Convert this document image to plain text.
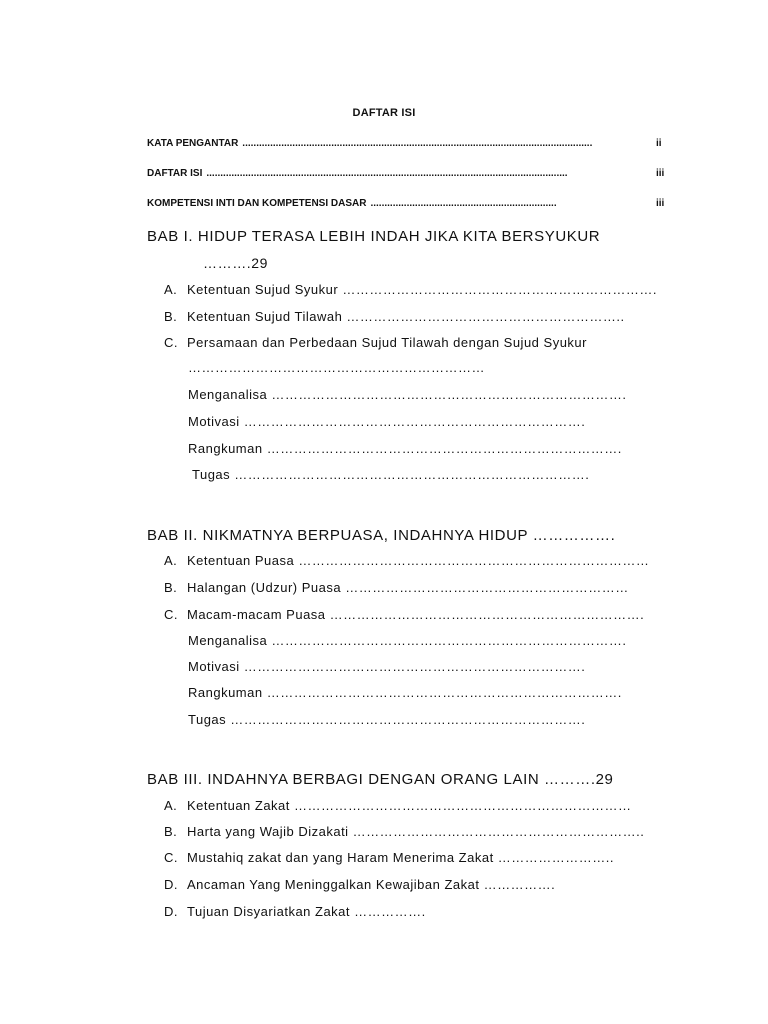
DAFTAR ISI
KATA PENGANTAR ..............................................................................................................................	ii
DAFTAR ISI ..................................................................................................................................	iii
KOMPETENSI INTI DAN KOMPETENSI DASAR ...................................................................	iii
BAB I. HIDUP TERASA LEBIH INDAH JIKA KITA BERSYUKUR
……….29
A. Ketentuan Sujud Syukur …………………………………………………………….
B. Ketentuan Sujud Tilawah ……………………………………………………..
C. Persamaan dan Perbedaan Sujud Tilawah dengan Sujud Syukur
…………………………………………………………
Menganalisa …………………………………………………………………….
Motivasi ………………………………………………………………….
Rangkuman …………………………………………………………………….
Tugas …………………………………………………………………….
BAB II. NIKMATNYA BERPUASA, INDAHNYA HIDUP …………….
A. Ketentuan Puasa ……………………………………………………………………
B. Halangan (Udzur) Puasa ………………………………………………………
C. Macam-macam Puasa …………………………………………………………….
Menganalisa …………………………………………………………………….
Motivasi ………………………………………………………………….
Rangkuman …………………………………………………………………….
Tugas …………………………………………………………………….
BAB III. INDAHNYA BERBAGI DENGAN ORANG LAIN ……….29
A. Ketentuan Zakat …………………………………………………………………
B. Harta yang Wajib Dizakati ………………………………………………………..
C. Mustahiq zakat dan yang Haram Menerima Zakat ……………………..
D. Ancaman Yang Meninggalkan Kewajiban Zakat …………….
D. Tujuan Disyariatkan Zakat …………….
